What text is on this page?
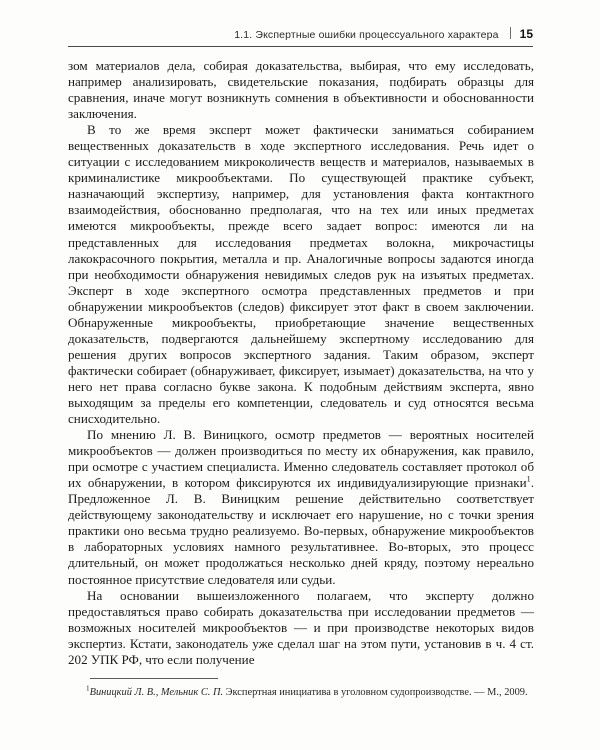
1.1. Экспертные ошибки процессуального характера 15

зом материалов дела, собирая доказательства, выбирая, что ему исследовать, например анализировать, свидетельские показания, подбирать образцы для сравнения, иначе могут возникнуть сомнения в объективности и обоснованности заключения.

В то же время эксперт может фактически заниматься собиранием вещественных доказательств в ходе экспертного исследования. Речь идет о ситуации с исследованием микроколичеств веществ и материалов, называемых в криминалистике микрообъектами. По существующей практике субъект, назначающий экспертизу, например, для установления факта контактного взаимодействия, обоснованно предполагая, что на тех или иных предметах имеются микрообъекты, прежде всего задает вопрос: имеются ли на представленных для исследования предметах волокна, микрочастицы лакокрасочного покрытия, металла и пр. Аналогичные вопросы задаются иногда при необходимости обнаружения невидимых следов рук на изъятых предметах. Эксперт в ходе экспертного осмотра представленных предметов и при обнаружении микрообъектов (следов) фиксирует этот факт в своем заключении. Обнаруженные микрообъекты, приобретающие значение вещественных доказательств, подвергаются дальнейшему экспертному исследованию для решения других вопросов экспертного задания. Таким образом, эксперт фактически собирает (обнаруживает, фиксирует, изымает) доказательства, на что у него нет права согласно букве закона. К подобным действиям эксперта, явно выходящим за пределы его компетенции, следователь и суд относятся весьма снисходительно.

По мнению Л. В. Виницкого, осмотр предметов — вероятных носителей микрообъектов — должен производиться по месту их обнаружения, как правило, при осмотре с участием специалиста. Именно следователь составляет протокол об их обнаружении, в котором фиксируются их индивидуализирующие признаки$^1$. Предложенное Л. В. Виницким решение действительно соответствует действующему законодательству и исключает его нарушение, но с точки зрения практики оно весьма трудно реализуемо. Во-первых, обнаружение микрообъектов в лабораторных условиях намного результативнее. Во-вторых, это процесс длительный, он может продолжаться несколько дней кряду, поэтому нереально постоянное присутствие следователя или судьи.

На основании вышеизложенного полагаем, что эксперту должно предоставляться право собирать доказательства при исследовании предметов — возможных носителей микрообъектов — и при производстве некоторых видов экспертиз. Кстати, законодатель уже сделал шаг на этом пути, установив в ч. 4 ст. 202 УПК РФ, что если получение

$^1$Виницкий Л. В., Мельник С. П. Экспертная инициатива в уголовном судопроизводстве. — М., 2009.
